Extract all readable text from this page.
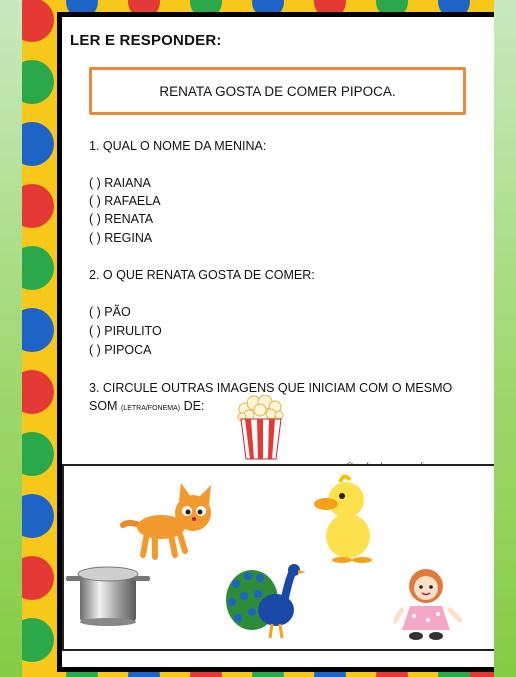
LER E RESPONDER:
RENATA GOSTA DE COMER PIPOCA.
1. QUAL O NOME DA MENINA:
( ) RAIANA
( ) RAFAELA
( ) RENATA
( ) REGINA
2. O QUE RENATA GOSTA DE COMER:
( ) PÃO
( ) PIRULITO
( ) PIPOCA
3. CIRCULE OUTRAS IMAGENS QUE INICIAM COM O MESMO
SOM (LETRA/FONEMA) DE:
